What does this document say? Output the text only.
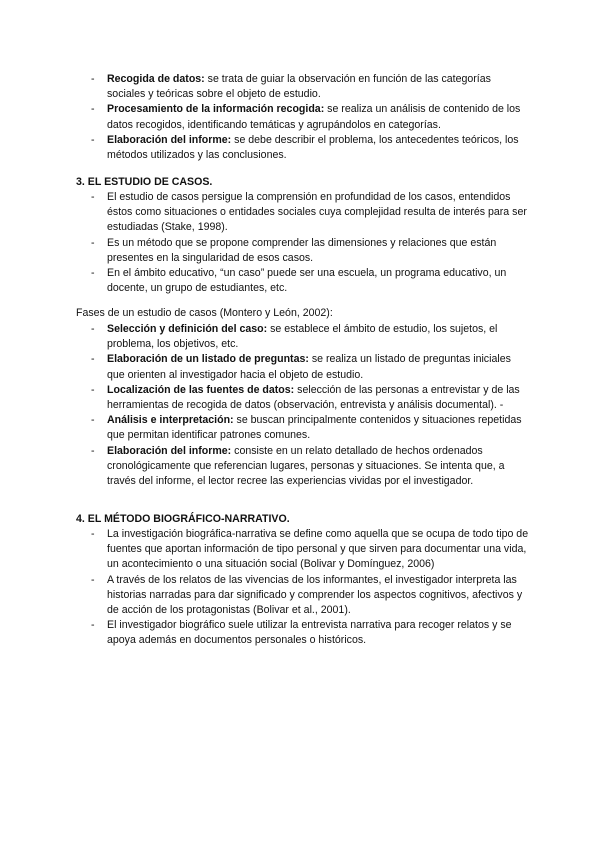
- Recogida de datos: se trata de guiar la observación en función de las categorías sociales y teóricas sobre el objeto de estudio.
- Procesamiento de la información recogida: se realiza un análisis de contenido de los datos recogidos, identificando temáticas y agrupándolos en categorías.
- Elaboración del informe: se debe describir el problema, los antecedentes teóricos, los métodos utilizados y las conclusiones.

3. EL ESTUDIO DE CASOS.

- El estudio de casos persigue la comprensión en profundidad de los casos, entendidos éstos como situaciones o entidades sociales cuya complejidad resulta de interés para ser estudiadas (Stake, 1998).
- Es un método que se propone comprender las dimensiones y relaciones que están presentes en la singularidad de esos casos.
- En el ámbito educativo, “un caso” puede ser una escuela, un programa educativo, un docente, un grupo de estudiantes, etc.

Fases de un estudio de casos (Montero y León, 2002):

- Selección y definición del caso: se establece el ámbito de estudio, los sujetos, el problema, los objetivos, etc.
- Elaboración de un listado de preguntas: se realiza un listado de preguntas iniciales que orienten al investigador hacia el objeto de estudio.
- Localización de las fuentes de datos: selección de las personas a entrevistar y de las herramientas de recogida de datos (observación, entrevista y análisis documental). -
- Análisis e interpretación: se buscan principalmente contenidos y situaciones repetidas que permitan identificar patrones comunes.
- Elaboración del informe: consiste en un relato detallado de hechos ordenados cronológicamente que referencian lugares, personas y situaciones. Se intenta que, a través del informe, el lector recree las experiencias vividas por el investigador.

4. EL MÉTODO BIOGRÁFICO-NARRATIVO.

- La investigación biográfica-narrativa se define como aquella que se ocupa de todo tipo de fuentes que aportan información de tipo personal y que sirven para documentar una vida, un acontecimiento o una situación social (Bolivar y Domínguez, 2006)
- A través de los relatos de las vivencias de los informantes, el investigador interpreta las historias narradas para dar significado y comprender los aspectos cognitivos, afectivos y de acción de los protagonistas (Bolivar et al., 2001).
- El investigador biográfico suele utilizar la entrevista narrativa para recoger relatos y se apoya además en documentos personales o históricos.
